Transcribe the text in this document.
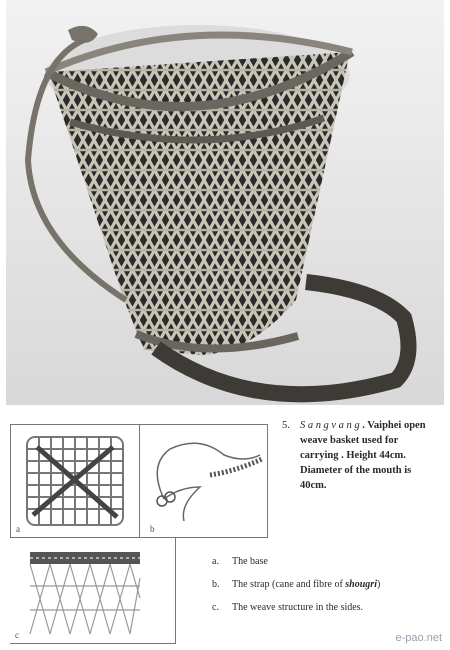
a	b
c
5. Sangvang. Vaiphei open weave basket used for carrying . Height 44cm. Diameter of the mouth is 40cm.
a.	The base
b.	The strap (cane and fibre of shougri)
c.	The weave structure in the sides.
e-pao.net
